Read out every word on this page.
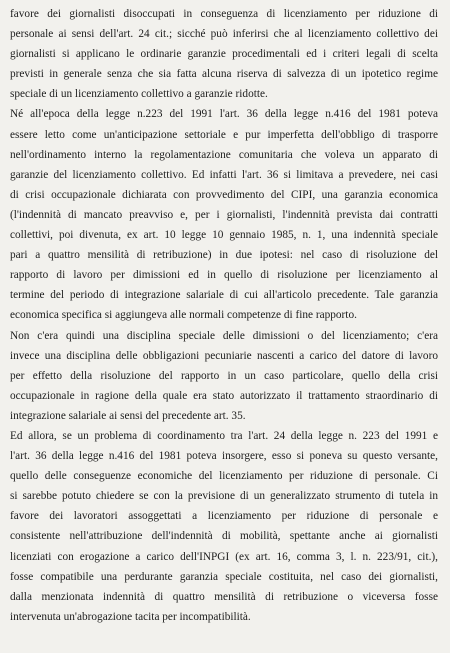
favore dei giornalisti disoccupati in conseguenza di licenziamento per riduzione di
personale ai sensi dell'art. 24 cit.; sicché può inferirsi che al licenziamento collettivo dei
giornalisti si applicano le ordinarie garanzie procedimentali ed i criteri legali di scelta
previsti in generale senza che sia fatta alcuna riserva di salvezza di un ipotetico regime
speciale di un licenziamento collettivo a garanzie ridotte.
Né all'epoca della legge n.223 del 1991 l'art. 36 della legge n.416 del 1981 poteva
essere letto come un'anticipazione settoriale e pur imperfetta dell'obbligo di trasporre
nell'ordinamento interno la regolamentazione comunitaria che voleva un apparato di
garanzie del licenziamento collettivo. Ed infatti l'art. 36 si limitava a prevedere, nei casi
di crisi occupazionale dichiarata con provvedimento del CIPI, una garanzia economica
(l'indennità di mancato preavviso e, per i giornalisti, l'indennità prevista dai contratti
collettivi, poi divenuta, ex art. 10 legge 10 gennaio 1985, n. 1, una indennità speciale
pari a quattro mensilità di retribuzione) in due ipotesi: nel caso di risoluzione del
rapporto di lavoro per dimissioni ed in quello di risoluzione per licenziamento al
termine del periodo di integrazione salariale di cui all'articolo precedente. Tale garanzia
economica specifica si aggiungeva alle normali competenze di fine rapporto.
Non c'era quindi una disciplina speciale delle dimissioni o del licenziamento; c'era
invece una disciplina delle obbligazioni pecuniarie nascenti a carico del datore di lavoro
per effetto della risoluzione del rapporto in un caso particolare, quello della crisi
occupazionale in ragione della quale era stato autorizzato il trattamento straordinario di
integrazione salariale ai sensi del precedente art. 35.
Ed allora, se un problema di coordinamento tra l'art. 24 della legge n. 223 del 1991 e
l'art. 36 della legge n.416 del 1981 poteva insorgere, esso si poneva su questo versante,
quello delle conseguenze economiche del licenziamento per riduzione di personale. Ci
si sarebbe potuto chiedere se con la previsione di un generalizzato strumento di tutela in
favore dei lavoratori assoggettati a licenziamento per riduzione di personale e
consistente nell'attribuzione dell'indennità di mobilità, spettante anche ai giornalisti
licenziati con erogazione a carico dell'INPGI (ex art. 16, comma 3, l. n. 223/91, cit.),
fosse compatibile una perdurante garanzia speciale costituita, nel caso dei giornalisti,
dalla menzionata indennità di quattro mensilità di retribuzione o viceversa fosse
intervenuta un'abrogazione tacita per incompatibilità.
